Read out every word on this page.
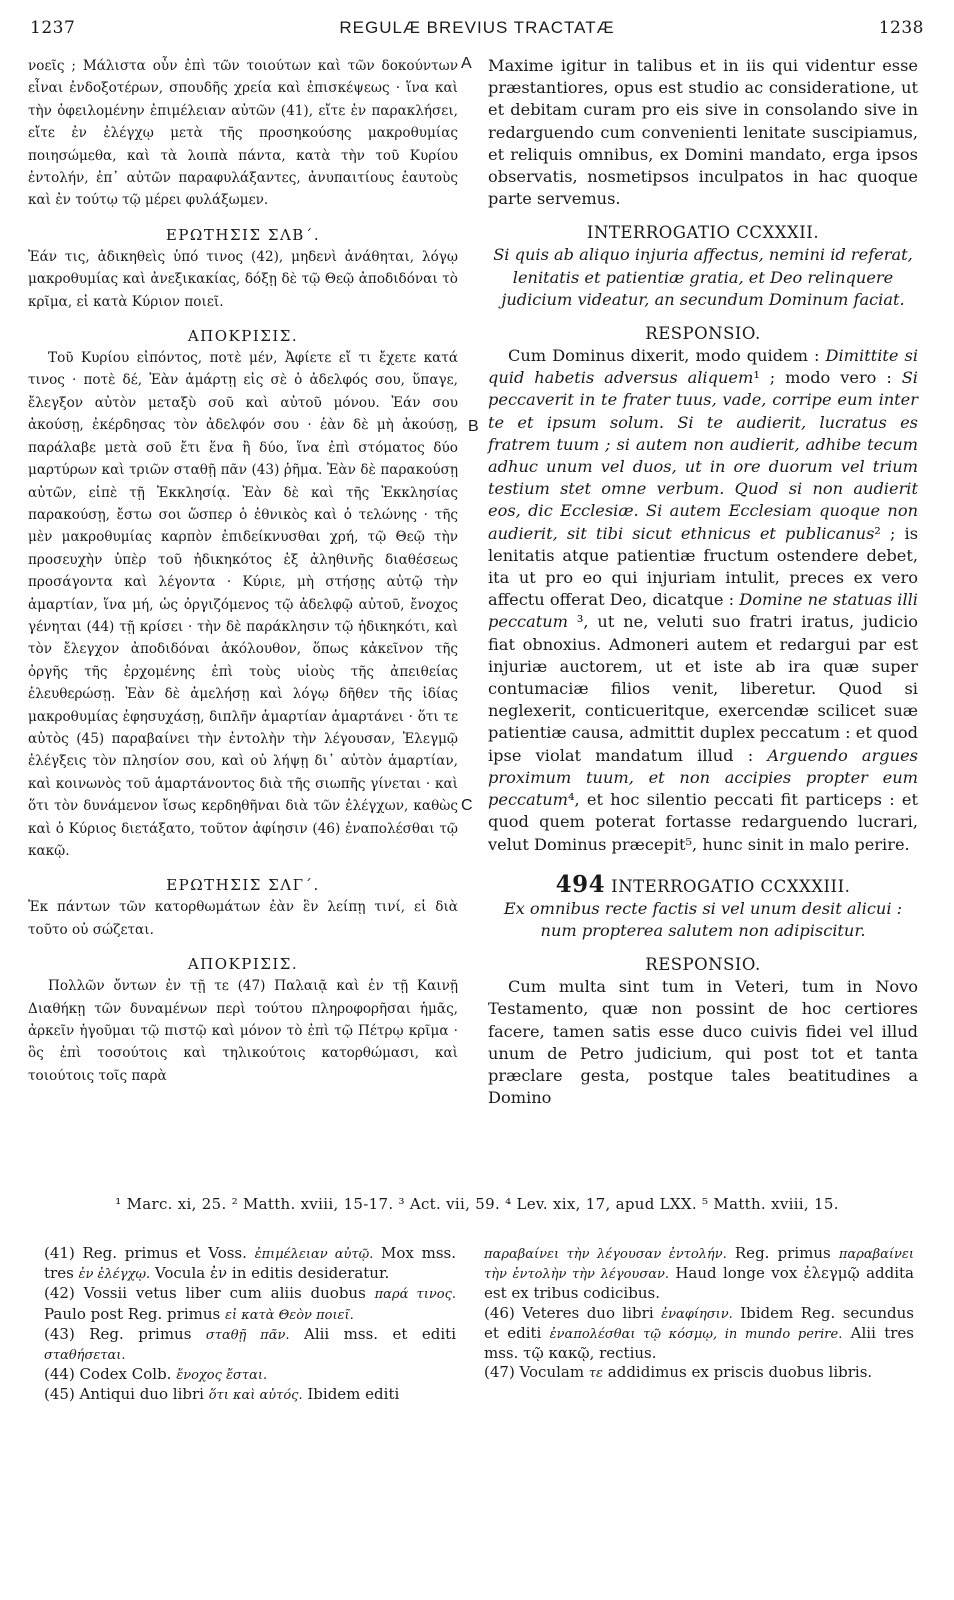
1237	REGULÆ BREVIUS TRACTATÆ	1238
A
B
C

νοεῖς ; Μάλιστα οὖν ἐπὶ τῶν τοιούτων καὶ τῶν δοκούντων εἶναι ἐνδοξοτέρων, σπουδῆς χρεία καὶ ἐπισκέψεως · ἵνα καὶ τὴν ὀφειλομένην ἐπιμέλειαν αὐτῶν (41), εἴτε ἐν παρακλήσει, εἴτε ἐν ἐλέγχῳ μετὰ τῆς προσηκούσης μακροθυμίας ποιησώμεθα, καὶ τὰ λοιπὰ πάντα, κατὰ τὴν τοῦ Κυρίου ἐντολήν, ἐπ᾽ αὐτῶν παραφυλάξαντες, ἀνυπαιτίους ἑαυτοὺς καὶ ἐν τούτῳ τῷ μέρει φυλάξωμεν.

ΕΡΩΤΗΣΙΣ ΣΛΒ΄.

Ἐάν τις, ἀδικηθεὶς ὑπό τινος (42), μηδενὶ ἀνάθηται, λόγῳ μακροθυμίας καὶ ἀνεξικακίας, δόξῃ δὲ τῷ Θεῷ ἀποδιδόναι τὸ κρῖμα, εἰ κατὰ Κύριον ποιεῖ.

ΑΠΟΚΡΙΣΙΣ.

Τοῦ Κυρίου εἰπόντος, ποτὲ μέν, Ἀφίετε εἴ τι ἔχετε κατά τινος · ποτὲ δέ, Ἐὰν ἁμάρτῃ εἰς σὲ ὁ ἀδελφός σου, ὕπαγε, ἔλεγξον αὐτὸν μεταξὺ σοῦ καὶ αὐτοῦ μόνου. Ἐάν σου ἀκούσῃ, ἐκέρδησας τὸν ἀδελφόν σου · ἐὰν δὲ μὴ ἀκούσῃ, παράλαβε μετὰ σοῦ ἔτι ἕνα ἢ δύο, ἵνα ἐπὶ στόματος δύο μαρτύρων καὶ τριῶν σταθῇ πᾶν (43) ῥῆμα. Ἐὰν δὲ παρακούσῃ αὐτῶν, εἰπὲ τῇ Ἐκκλησίᾳ. Ἐὰν δὲ καὶ τῆς Ἐκκλησίας παρακούσῃ, ἔστω σοι ὥσπερ ὁ ἐθνικὸς καὶ ὁ τελώνης · τῆς μὲν μακροθυμίας καρπὸν ἐπιδείκνυσθαι χρή, τῷ Θεῷ τὴν προσευχὴν ὑπὲρ τοῦ ἠδικηκότος ἐξ ἀληθινῆς διαθέσεως προσάγοντα καὶ λέγοντα · Κύριε, μὴ στήσῃς αὐτῷ τὴν ἁμαρτίαν, ἵνα μή, ὡς ὀργιζόμενος τῷ ἀδελφῷ αὐτοῦ, ἔνοχος γένηται (44) τῇ κρίσει · τὴν δὲ παράκλησιν τῷ ἠδικηκότι, καὶ τὸν ἔλεγχον ἀποδιδόναι ἀκόλουθον, ὅπως κἀκεῖνον τῆς ὀργῆς τῆς ἐρχομένης ἐπὶ τοὺς υἱοὺς τῆς ἀπειθείας ἐλευθερώσῃ. Ἐὰν δὲ ἀμελήσῃ καὶ λόγῳ δῆθεν τῆς ἰδίας μακροθυμίας ἐφησυχάσῃ, διπλῆν ἁμαρτίαν ἁμαρτάνει · ὅτι τε αὐτὸς (45) παραβαίνει τὴν ἐντολὴν τὴν λέγουσαν, Ἐλεγμῷ ἐλέγξεις τὸν πλησίον σου, καὶ οὐ λήψῃ δι᾽ αὐτὸν ἁμαρτίαν, καὶ κοινωνὸς τοῦ ἁμαρτάνοντος διὰ τῆς σιωπῆς γίνεται · καὶ ὅτι τὸν δυνάμενον ἴσως κερδηθῆναι διὰ τῶν ἐλέγχων, καθὼς καὶ ὁ Κύριος διετάξατο, τοῦτον ἀφίησιν (46) ἐναπολέσθαι τῷ κακῷ.

ΕΡΩΤΗΣΙΣ ΣΛΓ΄.

Ἐκ πάντων τῶν κατορθωμάτων ἐὰν ἓν λείπῃ τινί, εἰ διὰ τοῦτο οὐ σώζεται.

ΑΠΟΚΡΙΣΙΣ.

Πολλῶν ὄντων ἐν τῇ τε (47) Παλαιᾷ καὶ ἐν τῇ Καινῇ Διαθήκῃ τῶν δυναμένων περὶ τούτου πληροφορῆσαι ἡμᾶς, ἀρκεῖν ἡγοῦμαι τῷ πιστῷ καὶ μόνον τὸ ἐπὶ τῷ Πέτρῳ κρῖμα · ὃς ἐπὶ τοσούτοις καὶ τηλικούτοις κατορθώμασι, καὶ τοιούτοις τοῖς παρὰ

Maxime igitur in talibus et in iis qui videntur esse præstantiores, opus est studio ac consideratione, ut et debitam curam pro eis sive in consolando sive in redarguendo cum convenienti lenitate suscipiamus, et reliquis omnibus, ex Domini mandato, erga ipsos observatis, nosmetipsos inculpatos in hac quoque parte servemus.

INTERROGATIO CCXXXII.

Si quis ab aliquo injuria affectus, nemini id referat, lenitatis et patientiæ gratia, et Deo relinquere judicium videatur, an secundum Dominum faciat.

RESPONSIO.

Cum Dominus dixerit, modo quidem : Dimittite si quid habetis adversus aliquem¹ ; modo vero : Si peccaverit in te frater tuus, vade, corripe eum inter te et ipsum solum. Si te audierit, lucratus es fratrem tuum ; si autem non audierit, adhibe tecum adhuc unum vel duos, ut in ore duorum vel trium testium stet omne verbum. Quod si non audierit eos, dic Ecclesiæ. Si autem Ecclesiam quoque non audierit, sit tibi sicut ethnicus et publicanus² ; is lenitatis atque patientiæ fructum ostendere debet, ita ut pro eo qui injuriam intulit, preces ex vero affectu offerat Deo, dicatque : Domine ne statuas illi peccatum ³, ut ne, veluti suo fratri iratus, judicio fiat obnoxius. Admoneri autem et redargui par est injuriæ auctorem, ut et iste ab ira quæ super contumaciæ filios venit, liberetur. Quod si neglexerit, conticueritque, exercendæ scilicet suæ patientiæ causa, admittit duplex peccatum : et quod ipse violat mandatum illud : Arguendo argues proximum tuum, et non accipies propter eum peccatum⁴, et hoc silentio peccati fit particeps : et quod quem poterat fortasse redarguendo lucrari, velut Dominus præcepit⁵, hunc sinit in malo perire.

494 INTERROGATIO CCXXXIII.

Ex omnibus recte factis si vel unum desit alicui : num propterea salutem non adipiscitur.

RESPONSIO.

Cum multa sint tum in Veteri, tum in Novo Testamento, quæ non possint de hoc certiores facere, tamen satis esse duco cuivis fidei vel illud unum de Petro judicium, qui post tot et tanta præclare gesta, postque tales beatitudines a Domino

¹ Marc. xi, 25. ² Matth. xviii, 15-17. ³ Act. vii, 59. ⁴ Lev. xix, 17, apud LXX. ⁵ Matth. xviii, 15.

(41) Reg. primus et Voss. ἐπιμέλειαν αὐτῷ. Mox mss. tres ἐν ἐλέγχῳ. Vocula ἐν in editis desideratur.

(42) Vossii vetus liber cum aliis duobus παρά τινος. Paulo post Reg. primus εἰ κατὰ Θεὸν ποιεῖ.

(43) Reg. primus σταθῇ πᾶν. Alii mss. et editi σταθήσεται.

(44) Codex Colb. ἔνοχος ἔσται.

(45) Antiqui duo libri ὅτι καὶ αὐτός. Ibidem editi

παραβαίνει τὴν λέγουσαν ἐντολήν. Reg. primus παραβαίνει τὴν ἐντολὴν τὴν λέγουσαν. Haud longe vox ἐλεγμῷ addita est ex tribus codicibus.

(46) Veteres duo libri ἐναφίησιν. Ibidem Reg. secundus et editi ἐναπολέσθαι τῷ κόσμῳ, in mundo perire. Alii tres mss. τῷ κακῷ, rectius.

(47) Voculam τε addidimus ex priscis duobus libris.
